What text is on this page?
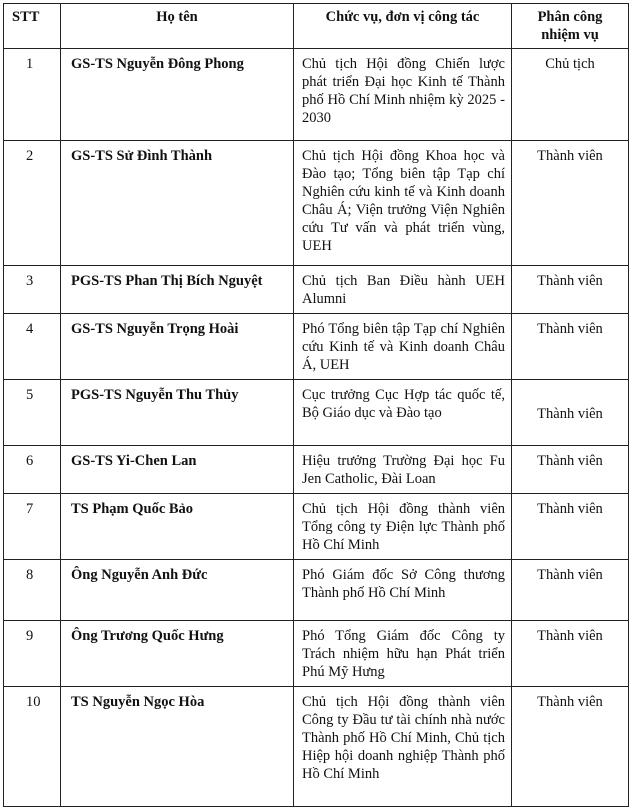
STT	Họ tên	Chức vụ, đơn vị công tác	Phân công nhiệm vụ
1	GS-TS Nguyễn Đông Phong	Chủ tịch Hội đồng Chiến lược phát triển Đại học Kinh tế Thành phố Hồ Chí Minh nhiệm kỳ 2025 - 2030	Chủ tịch
2	GS-TS Sử Đình Thành	Chủ tịch Hội đồng Khoa học và Đào tạo; Tổng biên tập Tạp chí Nghiên cứu kinh tế và Kinh doanh Châu Á; Viện trưởng Viện Nghiên cứu Tư vấn và phát triển vùng, UEH	Thành viên
3	PGS-TS Phan Thị Bích Nguyệt	Chủ tịch Ban Điều hành UEH Alumni	Thành viên
4	GS-TS Nguyễn Trọng Hoài	Phó Tổng biên tập Tạp chí Nghiên cứu Kinh tế và Kinh doanh Châu Á, UEH	Thành viên
5	PGS-TS Nguyễn Thu Thủy	Cục trưởng Cục Hợp tác quốc tế, Bộ Giáo dục và Đào tạo	Thành viên
6	GS-TS Yi-Chen Lan	Hiệu trưởng Trường Đại học Fu Jen Catholic, Đài Loan	Thành viên
7	TS Phạm Quốc Bảo	Chủ tịch Hội đồng thành viên Tổng công ty Điện lực Thành phố Hồ Chí Minh	Thành viên
8	Ông Nguyễn Anh Đức	Phó Giám đốc Sở Công thương Thành phố Hồ Chí Minh	Thành viên
9	Ông Trương Quốc Hưng	Phó Tổng Giám đốc Công ty Trách nhiệm hữu hạn Phát triển Phú Mỹ Hưng	Thành viên
10	TS Nguyễn Ngọc Hòa	Chủ tịch Hội đồng thành viên Công ty Đầu tư tài chính nhà nước Thành phố Hồ Chí Minh, Chủ tịch Hiệp hội doanh nghiệp Thành phố Hồ Chí Minh	Thành viên
